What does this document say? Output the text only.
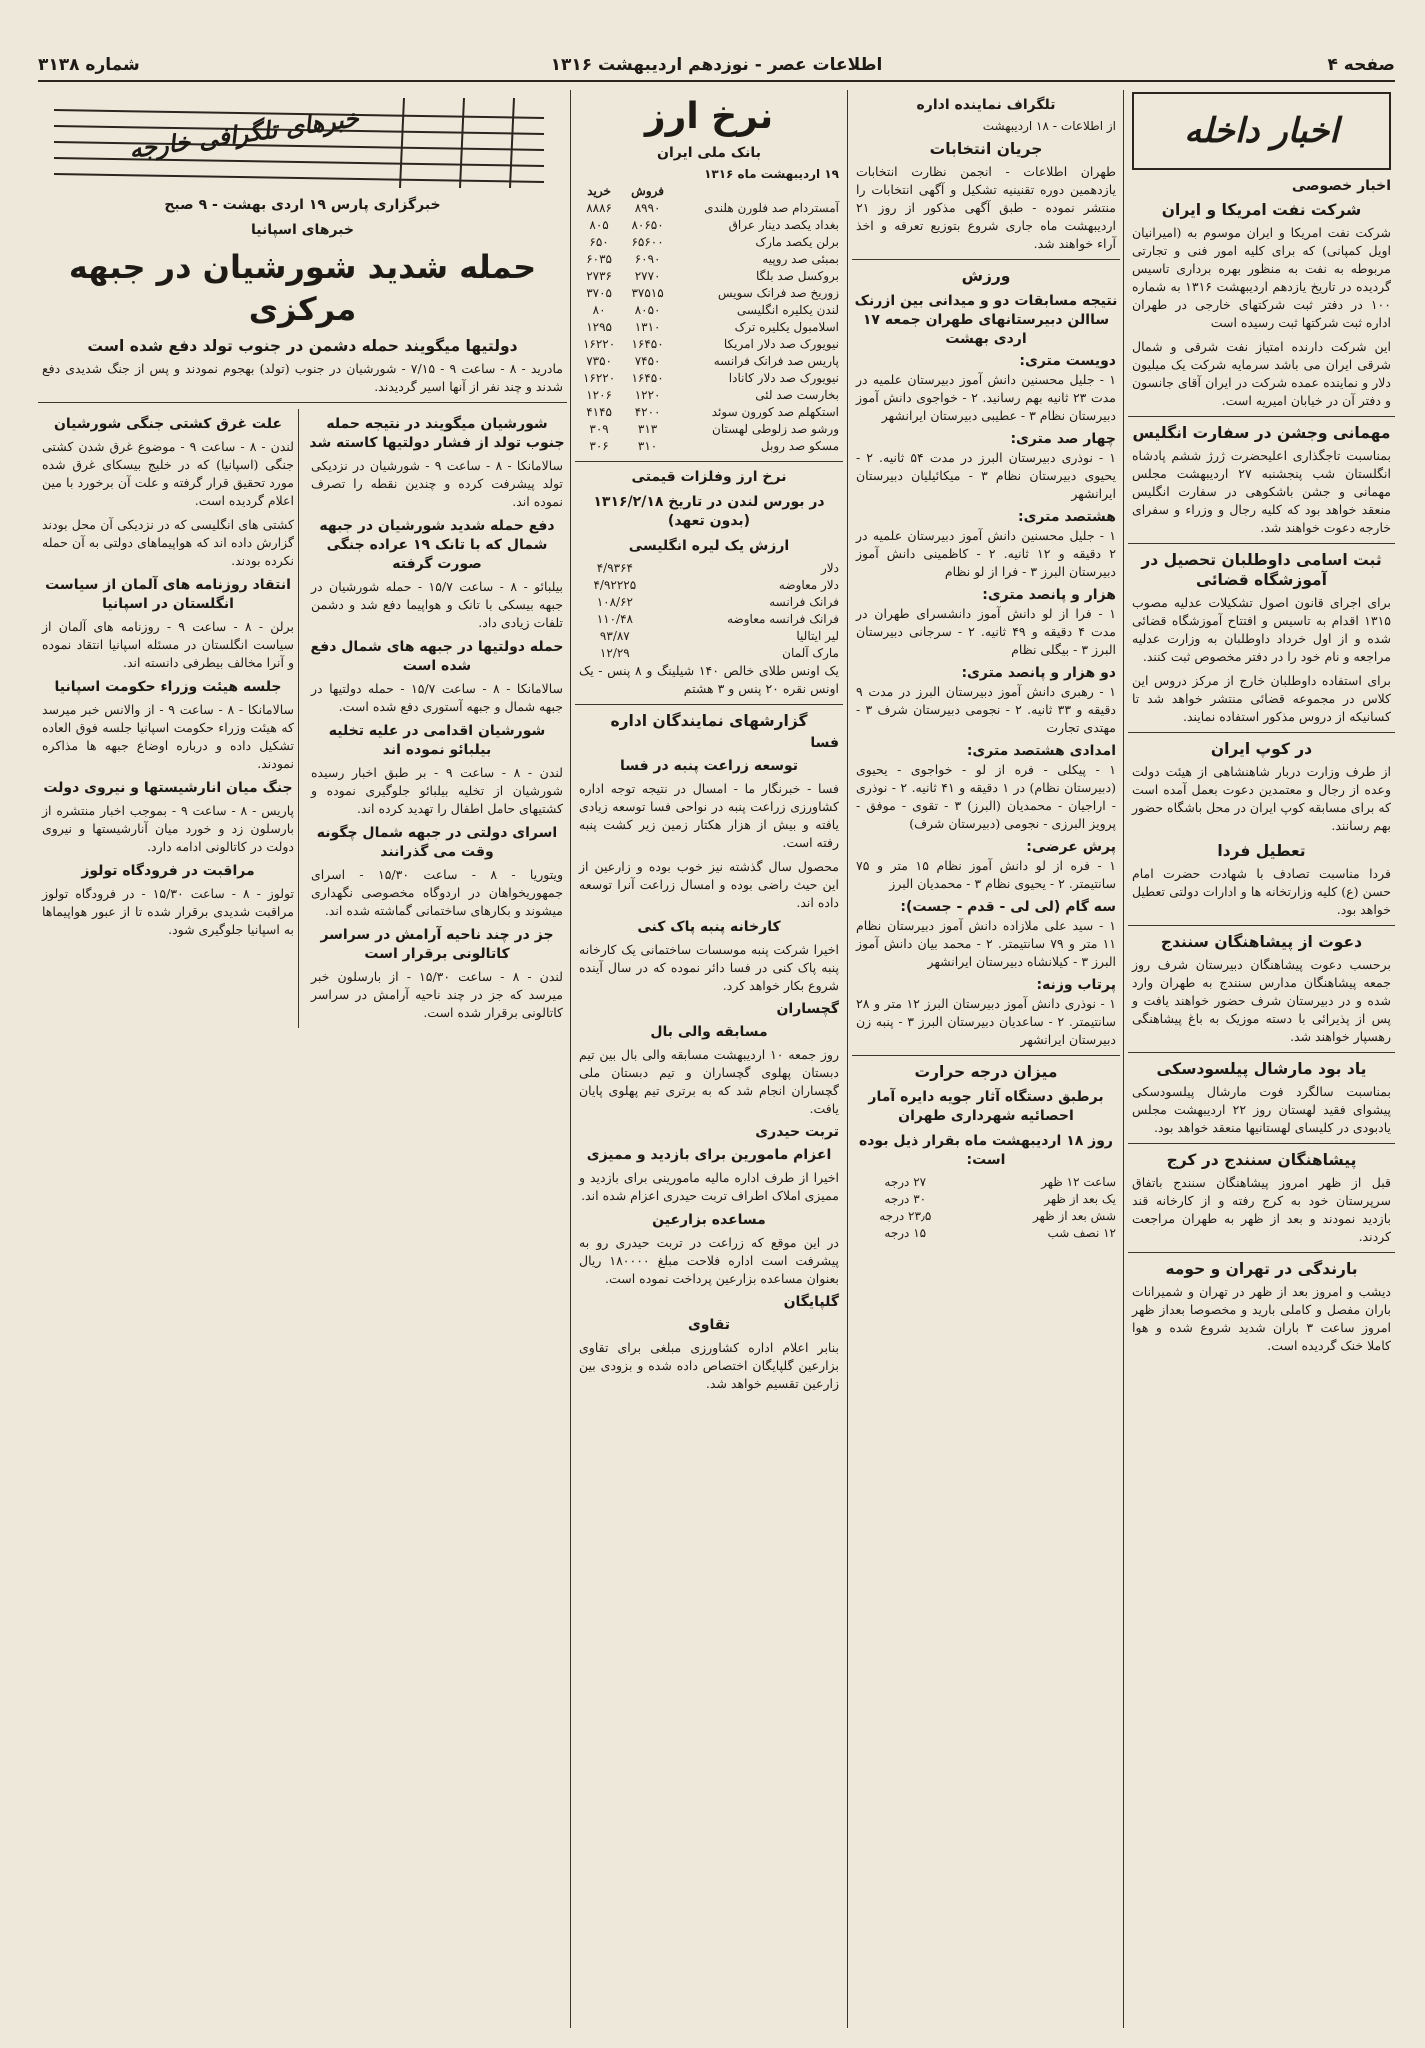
صفحه ۴
اطلاعات عصر - نوزدهم اردیبهشت ۱۳۱۶
شماره ۳۱۳۸
اخبار داخله
اخبار خصوصی
شرکت نفت امریکا و ایران

شرکت نفت امریکا و ایران موسوم به (امیرانیان اویل کمپانی) که برای کلیه امور فنی و تجارتی مربوطه به نفت به منظور بهره برداری تاسیس گردیده در تاریخ یازدهم اردیبهشت ۱۳۱۶ به شماره ۱۰۰ در دفتر ثبت شرکتهای خارجی در طهران اداره ثبت شرکتها ثبت رسیده است

این شرکت دارنده امتیاز نفت شرقی و شمال شرقی ایران می باشد سرمایه شرکت یک میلیون دلار و نماینده عمده شرکت در ایران آقای جانسون و دفتر آن در خیابان امیریه است.

مهمانی وجشن در سفارت انگلیس

بمناسبت تاجگذاری اعلیحضرت ژرژ ششم پادشاه انگلستان شب پنجشنبه ۲۷ اردیبهشت مجلس مهمانی و جشن باشکوهی در سفارت انگلیس منعقد خواهد بود که کلیه رجال و وزراء و سفرای خارجه دعوت خواهند شد.

ثبت اسامی داوطلبان تحصیل در آموزشگاه قضائی

برای اجرای قانون اصول تشکیلات عدلیه مصوب ۱۳۱۵ اقدام به تاسیس و افتتاح آموزشگاه قضائی شده و از اول خرداد داوطلبان به وزارت عدلیه مراجعه و نام خود را در دفتر مخصوص ثبت کنند.

برای استفاده داوطلبان خارج از مرکز دروس این کلاس در مجموعه قضائی منتشر خواهد شد تا کسانیکه از دروس مذکور استفاده نمایند.

در کوپ ایران

از طرف وزارت دربار شاهنشاهی از هیئت دولت وعده از رجال و معتمدین دعوت بعمل آمده است که برای مسابقه کوپ ایران در محل باشگاه حضور بهم رسانند.

تعطیل فردا

فردا مناسبت تصادف با شهادت حضرت امام حسن (ع) کلیه وزارتخانه ها و ادارات دولتی تعطیل خواهد بود.

دعوت از پیشاهنگان سنندج

برحسب دعوت پیشاهنگان دبیرستان شرف روز جمعه پیشاهنگان مدارس سنندج به طهران وارد شده و در دبیرستان شرف حضور خواهند یافت و پس از پذیرائی با دسته موزیک به باغ پیشاهنگی رهسپار خواهند شد.

یاد بود مارشال پیلسودسکی

بمناسبت سالگرد فوت مارشال پیلسودسکی پیشوای فقید لهستان روز ۲۲ اردیبهشت مجلس یادبودی در کلیسای لهستانیها منعقد خواهد بود.

پیشاهنگان سنندج در کرج

قبل از ظهر امروز پیشاهنگان سنندج باتفاق سرپرستان خود به کرج رفته و از کارخانه قند بازدید نمودند و بعد از ظهر به طهران مراجعت کردند.

بارندگی در تهران و حومه

دیشب و امروز بعد از ظهر در تهران و شمیرانات باران مفصل و کاملی بارید و مخصوصا بعداز ظهر امروز ساعت ۳ باران شدید شروع شده و هوا کاملا خنک گردیده است.

تلگراف نماینده اداره
از اطلاعات - ۱۸ اردیبهشت
جریان انتخابات

طهران اطلاعات - انجمن نظارت انتخابات یازدهمین دوره تقنینیه تشکیل و آگهی انتخابات را منتشر نموده - طبق آگهی مذکور از روز ۲۱ اردیبهشت ماه جاری شروع بتوزیع تعرفه و اخذ آراء خواهند شد.

ورزش
نتیجه مسابقات دو و میدانی بین ازرنک ساالن دبیرستانهای طهران جمعه ۱۷ اردی بهشت
دویست متری:

۱ - جلیل محسنین دانش آموز دبیرستان علمیه در مدت ۲۳ ثانیه بهم رسانید. ۲ - خواجوی دانش آموز دبیرستان نظام ۳ - عطیبی دبیرستان ایرانشهر

چهار صد متری:

۱ - نوذری دبیرستان البرز در مدت ۵۴ ثانیه. ۲ - یحیوی دبیرستان نظام ۳ - میکائیلیان دبیرستان ایرانشهر

هشتصد متری:

۱ - جلیل محسنین دانش آموز دبیرستان علمیه در ۲ دقیقه و ۱۲ ثانیه. ۲ - کاظمینی دانش آموز دبیرستان البرز ۳ - فرا از لو نظام

هزار و پانصد متری:

۱ - فرا از لو دانش آموز دانشسرای طهران در مدت ۴ دقیقه و ۴۹ ثانیه. ۲ - سرجانی دبیرستان البرز ۳ - بیگلی نظام

دو هزار و پانصد متری:

۱ - رهبری دانش آموز دبیرستان البرز در مدت ۹ دقیقه و ۳۳ ثانیه. ۲ - نجومی دبیرستان شرف ۳ - مهتدی تجارت

امدادی هشتصد متری:

۱ - پیکلی - فره از لو - خواجوی - یحیوی (دبیرستان نظام) در ۱ دقیقه و ۴۱ ثانیه. ۲ - نوذری - اراجیان - محمدیان (البرز) ۳ - تقوی - موفق - پرویز البرزی - نجومی (دبیرستان شرف)

پرش عرضی:

۱ - فره از لو دانش آموز نظام ۱۵ متر و ۷۵ سانتیمتر. ۲ - یحیوی نظام ۳ - محمدیان البرز

سه گام (لی لی - قدم - جست):

۱ - سید علی ملازاده دانش آموز دبیرستان نظام ۱۱ متر و ۷۹ سانتیمتر. ۲ - محمد بیان دانش آموز البرز ۳ - کیلانشاه دبیرستان ایرانشهر

پرتاب وزنه:

۱ - نوذری دانش آموز دبیرستان البرز ۱۲ متر و ۲۸ سانتیمتر. ۲ - ساعدیان دبیرستان البرز ۳ - پنبه زن دبیرستان ایرانشهر

میزان درجه حرارت
برطبق دستگاه آثار جویه دایره آمار احصائیه شهرداری طهران
روز ۱۸ اردیبهشت ماه بقرار ذیل بوده است:
ساعت ۱۲ ظهر	۲۷ درجه
یک بعد از ظهر	۳۰ درجه
شش بعد از ظهر	۲۳٫۵ درجه
۱۲ نصف شب	۱۵ درجه
نرخ ارز
بانک ملی ایران
۱۹ اردیبهشت ماه ۱۳۱۶
	فروش	خرید
آمستردام صد فلورن هلندی	۸۹۹۰	۸۸۸۶
بغداد یکصد دینار عراق	۸۰۶۵۰	۸۰۵
برلن یکصد مارک	۶۵۶۰۰	۶۵۰
بمبئی صد روپیه	۶۰۹۰	۶۰۳۵
بروکسل صد بلگا	۲۷۷۰	۲۷۳۶
زوریخ صد فرانک سویس	۳۷۵۱۵	۳۷۰۵
لندن یکلیره انگلیسی	۸۰۵۰	۸۰
اسلامبول یکلیره ترک	۱۳۱۰	۱۲۹۵
نیویورک صد دلار امریکا	۱۶۴۵۰	۱۶۲۲۰
پاریس صد فرانک فرانسه	۷۴۵۰	۷۳۵۰
نیویورک صد دلار کانادا	۱۶۴۵۰	۱۶۲۲۰
بخارست صد لئی	۱۲۲۰	۱۲۰۶
استکهلم صد کورون سوئد	۴۲۰۰	۴۱۴۵
ورشو صد زلوطی لهستان	۳۱۳	۳۰۹
مسکو صد روبل	۳۱۰	۳۰۶
نرخ ارز وفلزات قیمتی
در بورس لندن در تاریخ ۱۳۱۶/۲/۱۸ (بدون تعهد)
ارزش یک لیره انگلیسی
دلار	۴/۹۳۶۴
دلار معاوضه	۴/۹۲۲۲۵
فرانک فرانسه	۱۰۸/۶۲
فرانک فرانسه معاوضه	۱۱۰/۴۸
لیر ایتالیا	۹۳/۸۷
مارک آلمان	۱۲/۲۹

یک اونس طلای خالص ۱۴۰ شیلینگ و ۸ پنس - یک اونس نقره ۲۰ پنس و ۳ هشتم

گزارشهای نمایندگان اداره
فسا
توسعه زراعت پنبه در فسا

فسا - خبرنگار ما - امسال در نتیجه توجه اداره کشاورزی زراعت پنبه در نواحی فسا توسعه زیادی یافته و بیش از هزار هکتار زمین زیر کشت پنبه رفته است.

محصول سال گذشته نیز خوب بوده و زارعین از این حیث راضی بوده و امسال زراعت آنرا توسعه داده اند.

کارخانه پنبه پاک کنی

اخیرا شرکت پنبه موسسات ساختمانی یک کارخانه پنبه پاک کنی در فسا دائر نموده که در سال آینده شروع بکار خواهد کرد.

گچساران
مسابقه والی بال

روز جمعه ۱۰ اردیبهشت مسابقه والی بال بین تیم دبستان پهلوی گچساران و تیم دبستان ملی گچساران انجام شد که به برتری تیم پهلوی پایان یافت.

تربت حیدری
اعزام مامورین برای بازدید و ممیزی

اخیرا از طرف اداره مالیه مامورینی برای بازدید و ممیزی املاک اطراف تربت حیدری اعزام شده اند.

مساعده بزارعین

در این موقع که زراعت در تربت حیدری رو به پیشرفت است اداره فلاحت مبلغ ۱۸۰۰۰۰ ریال بعنوان مساعده بزارعین پرداخت نموده است.

گلپایگان
تقاوی

بنابر اعلام اداره کشاورزی مبلغی برای تقاوی بزارعین گلپایگان اختصاص داده شده و بزودی بین زارعین تقسیم خواهد شد.

خبرهای تلگرافی خارجه
خبرگزاری پارس ۱۹ اردی بهشت - ۹ صبح
خبرهای اسپانیا
حمله شدید شورشیان در جبهه مرکزی
دولتیها میگویند حمله دشمن در جنوب تولد دفع شده است

مادرید - ۸ - ساعت ۹ - ۷/۱۵ - شورشیان در جنوب (تولد) بهجوم نمودند و پس از جنگ شدیدی دفع شدند و چند نفر از آنها اسیر گردیدند.

شورشیان میگویند در نتیجه حمله جنوب تولد از فشار دولتیها کاسته شد

سالامانکا - ۸ - ساعت ۹ - شورشیان در نزدیکی تولد پیشرفت کرده و چندین نقطه را تصرف نموده اند.

دفع حمله شدید شورشیان در جبهه شمال که با تانک ۱۹ عراده جنگی صورت گرفته

بیلبائو - ۸ - ساعت ۱۵/۷ - حمله شورشیان در جبهه بیسکی با تانک و هواپیما دفع شد و دشمن تلفات زیادی داد.

حمله دولتیها در جبهه های شمال دفع شده است

سالامانکا - ۸ - ساعت ۱۵/۷ - حمله دولتیها در جبهه شمال و جبهه آستوری دفع شده است.

شورشیان اقدامی در علیه تخلیه بیلبائو نموده اند

لندن - ۸ - ساعت ۹ - بر طبق اخبار رسیده شورشیان از تخلیه بیلبائو جلوگیری نموده و کشتیهای حامل اطفال را تهدید کرده اند.

اسرای دولتی در جبهه شمال چگونه وقت می گذرانند

ویتوریا - ۸ - ساعت ۱۵/۳۰ - اسرای جمهوریخواهان در اردوگاه مخصوصی نگهداری میشوند و بکارهای ساختمانی گماشته شده اند.

جز در چند ناحیه آرامش در سراسر کاتالونی برقرار است

لندن - ۸ - ساعت ۱۵/۳۰ - از بارسلون خبر میرسد که جز در چند ناحیه آرامش در سراسر کاتالونی برقرار شده است.

علت غرق کشتی جنگی شورشیان

لندن - ۸ - ساعت ۹ - موضوع غرق شدن کشتی جنگی (اسپانیا) که در خلیج بیسکای غرق شده مورد تحقیق قرار گرفته و علت آن برخورد با مین اعلام گردیده است.

کشتی های انگلیسی که در نزدیکی آن محل بودند گزارش داده اند که هواپیماهای دولتی به آن حمله نکرده بودند.

انتقاد روزنامه های آلمان از سیاست انگلستان در اسپانیا

برلن - ۸ - ساعت ۹ - روزنامه های آلمان از سیاست انگلستان در مسئله اسپانیا انتقاد نموده و آنرا مخالف بیطرفی دانسته اند.

جلسه هیئت وزراء حکومت اسپانیا

سالامانکا - ۸ - ساعت ۹ - از والانس خبر میرسد که هیئت وزراء حکومت اسپانیا جلسه فوق العاده تشکیل داده و درباره اوضاع جبهه ها مذاکره نمودند.

جنگ میان انارشیستها و نیروی دولت

پاریس - ۸ - ساعت ۹ - بموجب اخبار منتشره از بارسلون زد و خورد میان آنارشیستها و نیروی دولت در کاتالونی ادامه دارد.

مراقبت در فرودگاه تولوز

تولوز - ۸ - ساعت ۱۵/۳۰ - در فرودگاه تولوز مراقبت شدیدی برقرار شده تا از عبور هواپیماها به اسپانیا جلوگیری شود.
